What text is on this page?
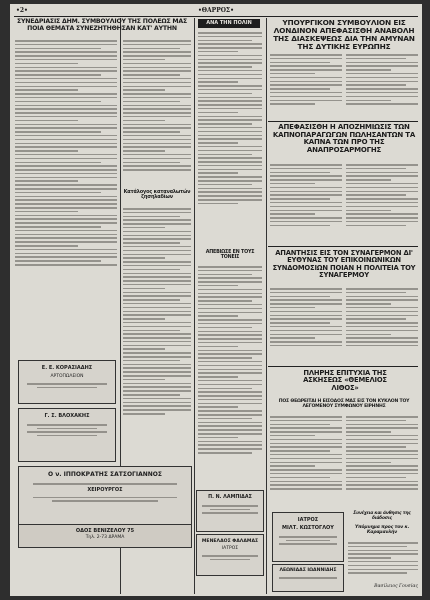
•2•	•ΘΑΡΡΟΣ•
ΣΥΝΕΔΡΙΑΣΙΣ ΔΗΜ. ΣΥΜΒΟΥΛΙΟΥ ΤΗΣ ΠΟΛΕΩΣ ΜΑΣ ΠΟΙΑ ΘΕΜΑΤΑ ΣΥΝΕΖΗΤΗΘΗΣΑΝ ΚΑΤ' ΑΥΤΗΝ
Κατάλογος καταναλωτών ζησηλαδίων
Ε. Ε. ΚΟΡΑΣΙΑΔΗΣ
ΑΡΤΟΠΩΛΕΙΟΝ
Γ. Σ. ΒΛΟΧΑΚΗΣ
Ο ν. ΙΠΠΟΚΡΑΤΗΣ ΣΑΤΣΟΓΙΑΝΝΟΣ
ΧΕΙΡΟΥΡΓΟΣ
ΟΔΟΣ ΒΕΝΙΖΕΛΟΥ 75
Τηλ. 2-73 ΔΡΑΜΑ
ΑΝΑ ΤΗΝ ΠΟΛΙΝ
ΑΠΕΒΙΩΣΕ ΕΝ ΤΟΥΣ ΤΟΝΕΙΣ
Π. Ν. ΛΑΜΠΙΔΑΣ
ΜΕΝΕΛΑΟΣ ΦΑΛΑΜΑΣ
ΙΑΤΡΟΣ
ΥΠΟΥΡΓΙΚΟΝ ΣΥΜΒΟΥΛΙΟΝ ΕΙΣ ΛΟΝΔΙΝΟΝ ΑΠΕΦΑΣΙΣΘΗ ΑΝΑΒΟΛΗ ΤΗΣ ΔΙΑΣΚΕΨΕΩΣ ΔΙΑ ΤΗΝ ΑΜΥΝΑΝ ΤΗΣ ΔΥΤΙΚΗΣ ΕΥΡΩΠΗΣ
ΑΠΕΦΑΣΙΣΘΗ Η ΑΠΟΖΗΜΙΩΣΙΣ ΤΩΝ ΚΑΠΝΟΠΑΡΑΓΩΓΩΝ ΠΩΛΗΣΑΝΤΩΝ ΤΑ ΚΑΠΝΑ ΤΩΝ ΠΡΟ ΤΗΣ ΑΝΑΠΡΟΣΑΡΜΟΓΗΣ
ΑΠΑΝΤΗΣΙΣ ΕΙΣ ΤΟΝ ΣΥΝΑΓΕΡΜΟΝ ΔΙ' ΕΥΘΥΝΑΣ ΤΟΥ ΕΠΙΚΟΙΝΩΝΙΚΩΝ ΣΥΝΔΟΜΟΣΙΩΝ ΠΟΙΑΝ Η ΠΟΛΙΤΕΙΑ ΤΟΥ ΣΥΝΑΓΕΡΜΟΥ
ΠΛΗΡΗΣ ΕΠΙΤΥΧΙΑ ΤΗΣ ΑΣΚΗΣΕΩΣ «ΘΕΜΕΛΙΟΣ ΛΙΘΟΣ»
ΠΟΣ ΘΕΩΡΕΙΤΑΙ Η ΕΙΣΟΔΟΣ ΜΑΣ ΕΙΣ ΤΟΝ ΚΥΚΛΟΝ ΤΟΥ ΛΕΓΟΜΕΝΟΥ ΣΥΜΦΩΝΟΥ ΕΙΡΗΝΗΣ
ΙΑΤΡΟΣ
ΜΙΛΤ. ΚΩΣΤΟΓΛΟΥ
ΛΕΩΝΙΔΑΣ ΙΩΑΝΝΙΔΗΣ
Συνέχεια και άνθησις της διάδοσις
Υπόμνημα προς τον κ. Καραμανλήν
Βασίλειος Γουσίας
